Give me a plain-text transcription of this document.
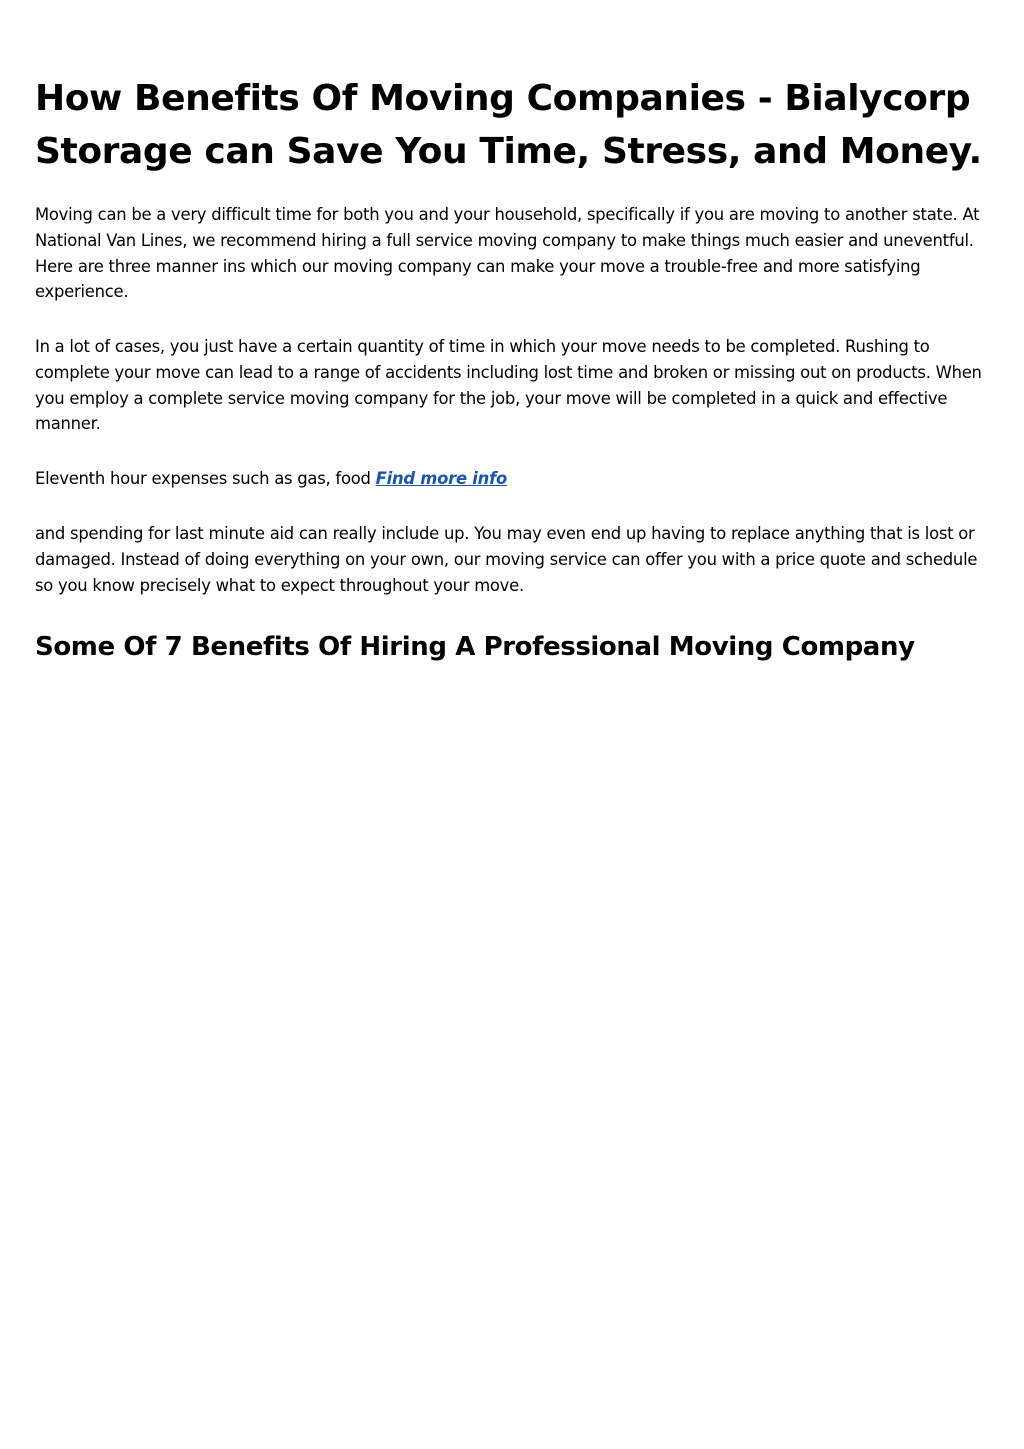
How Benefits Of Moving Companies - Bialycorp
Storage can Save You Time, Stress, and Money.

Moving can be a very difficult time for both you and your household, specifically if you are moving to another state. At National Van Lines, we recommend hiring a full service moving company to make things much easier and uneventful. Here are three manner ins which our moving company can make your move a trouble-free and more satisfying experience.

In a lot of cases, you just have a certain quantity of time in which your move needs to be completed. Rushing to complete your move can lead to a range of accidents including lost time and broken or missing out on products. When you employ a complete service moving company for the job, your move will be completed in a quick and effective manner.

Eleventh hour expenses such as gas, food Find more info

and spending for last minute aid can really include up. You may even end up having to replace anything that is lost or damaged. Instead of doing everything on your own, our moving service can offer you with a price quote and schedule so you know precisely what to expect throughout your move.

Some Of 7 Benefits Of Hiring A Professional Moving Company
